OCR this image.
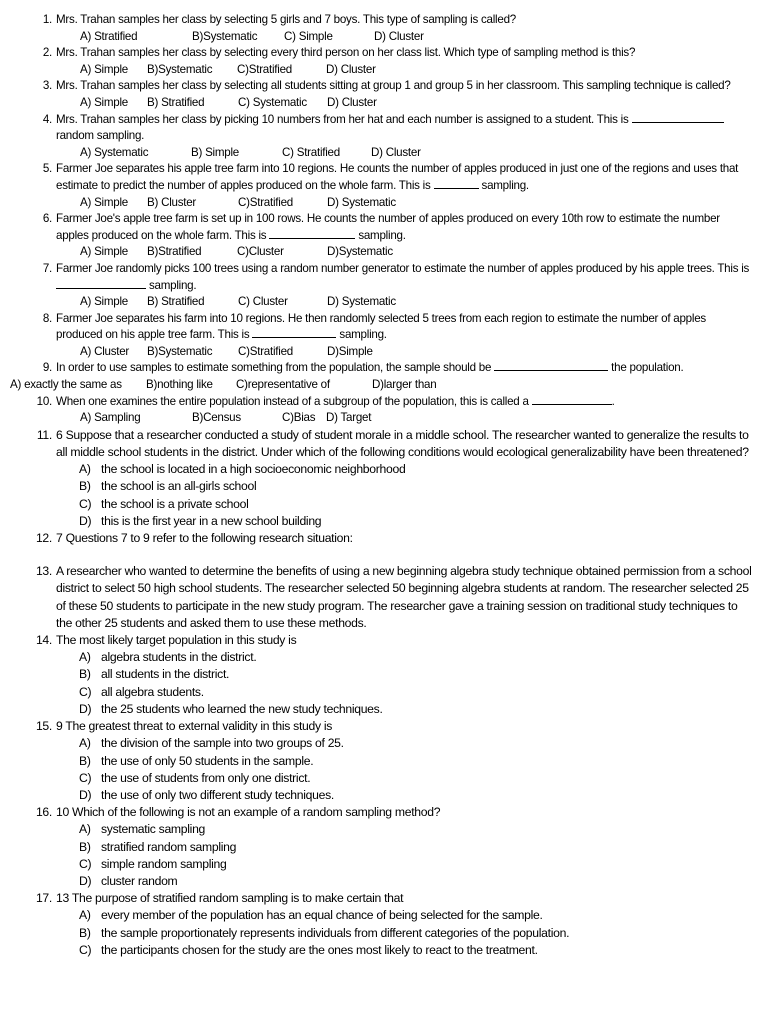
1. Mrs. Trahan samples her class by selecting 5 girls and 7 boys. This type of sampling is called?
A) Stratified	B)Systematic	C) Simple	D) Cluster
2. Mrs. Trahan samples her class by selecting every third person on her class list. Which type of sampling method is this?
A) Simple	B)Systematic	C)Stratified	D) Cluster
3. Mrs. Trahan samples her class by selecting all students sitting at group 1 and group 5 in her classroom. This sampling technique is called?
A) Simple	B) Stratified	C) Systematic	D) Cluster
4. Mrs. Trahan samples her class by picking 10 numbers from her hat and each number is assigned to a student. This is  random sampling.
A) Systematic	B) Simple	C) Stratified	D) Cluster
5. Farmer Joe separates his apple tree farm into 10 regions. He counts the number of apples produced in just one of the regions and uses that estimate to predict the number of apples produced on the whole farm. This is	sampling.
A) Simple	B) Cluster	C)Stratified	D) Systematic
6. Farmer Joe's apple tree farm is set up in 100 rows. He counts the number of apples produced on every 10th row to estimate the number apples produced on the whole farm. This is	sampling.
A) Simple	B)Stratified	C)Cluster	D)Systematic
7. Farmer Joe randomly picks 100 trees using a random number generator to estimate the number of apples produced by his apple trees. This is  sampling.
A) Simple	B) Stratified	C) Cluster	D) Systematic
8. Farmer Joe separates his farm into 10 regions. He then randomly selected 5 trees from each region to estimate the number of apples produced on his apple tree farm. This is	sampling.
A) Cluster	B)Systematic	C)Stratified	D)Simple
9. In order to use samples to estimate something from the population, the sample should be	the population.
A) exactly the same as	B)nothing like	C)representative of	D)larger than
10. When one examines the entire population instead of a subgroup of the population, this is called a	.
A) Sampling	B)Census	C)Bias D) Target
11. 6 Suppose that a researcher conducted a study of student morale in a middle school. The researcher wanted to generalize the results to all middle school students in the district. Under which of the following conditions would ecological generalizability have been threatened?
A) the school is located in a high socioeconomic neighborhood
B) the school is an all-girls school
C) the school is a private school
D) this is the first year in a new school building
12. 7 Questions 7 to 9 refer to the following research situation:
13. A researcher who wanted to determine the benefits of using a new beginning algebra study technique obtained permission from a school district to select 50 high school students. The researcher selected 50 beginning algebra students at random. The researcher selected 25 of these 50 students to participate in the new study program. The researcher gave a training session on traditional study techniques to the other 25 students and asked them to use these methods.
14. The most likely target population in this study is
A) algebra students in the district.
B) all students in the district.
C) all algebra students.
D) the 25 students who learned the new study techniques.
15. 9 The greatest threat to external validity in this study is
A) the division of the sample into two groups of 25.
B) the use of only 50 students in the sample.
C) the use of students from only one district.
D) the use of only two different study techniques.
16. 10 Which of the following is not an example of a random sampling method?
A) systematic sampling
B) stratified random sampling
C) simple random sampling
D) cluster random
17. 13 The purpose of stratified random sampling is to make certain that
A) every member of the population has an equal chance of being selected for the sample.
B) the sample proportionately represents individuals from different categories of the population.
C) the participants chosen for the study are the ones most likely to react to the treatment.
